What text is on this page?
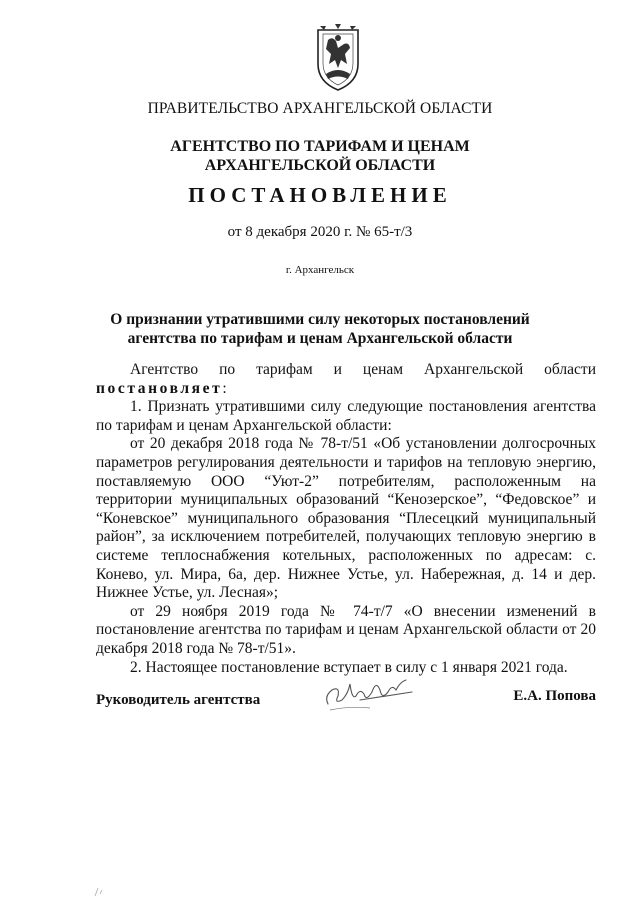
ПРАВИТЕЛЬСТВО АРХАНГЕЛЬСКОЙ ОБЛАСТИ
АГЕНТСТВО ПО ТАРИФАМ И ЦЕНАМ
АРХАНГЕЛЬСКОЙ ОБЛАСТИ
ПОСТАНОВЛЕНИЕ
от 8 декабря 2020 г. № 65-т/3
г. Архангельск
О признании утратившими силу некоторых постановлений
агентства по тарифам и ценам Архангельской области

Агентство по тарифам и ценам Архангельской области

постановляет:

1. Признать утратившими силу следующие постановления агентства по тарифам и ценам Архангельской области:

от 20 декабря 2018 года № 78-т/51 «Об установлении долгосрочных параметров регулирования деятельности и тарифов на тепловую энергию, поставляемую ООО “Уют-2” потребителям, расположенным на территории муниципальных образований “Кенозерское”, “Федовское” и “Коневское” муниципального образования “Плесецкий муниципальный район”, за исключением потребителей, получающих тепловую энергию в системе теплоснабжения котельных, расположенных по адресам: с. Конево, ул. Мира, 6а, дер. Нижнее Устье, ул. Набережная, д. 14 и дер. Нижнее Устье, ул. Лесная»;

от 29 ноября 2019 года № 74-т/7 «О внесении изменений в постановление агентства по тарифам и ценам Архангельской области от 20 декабря 2018 года № 78-т/51».

2. Настоящее постановление вступает в силу с 1 января 2021 года.

Руководитель агентства	Е.А. Попова
